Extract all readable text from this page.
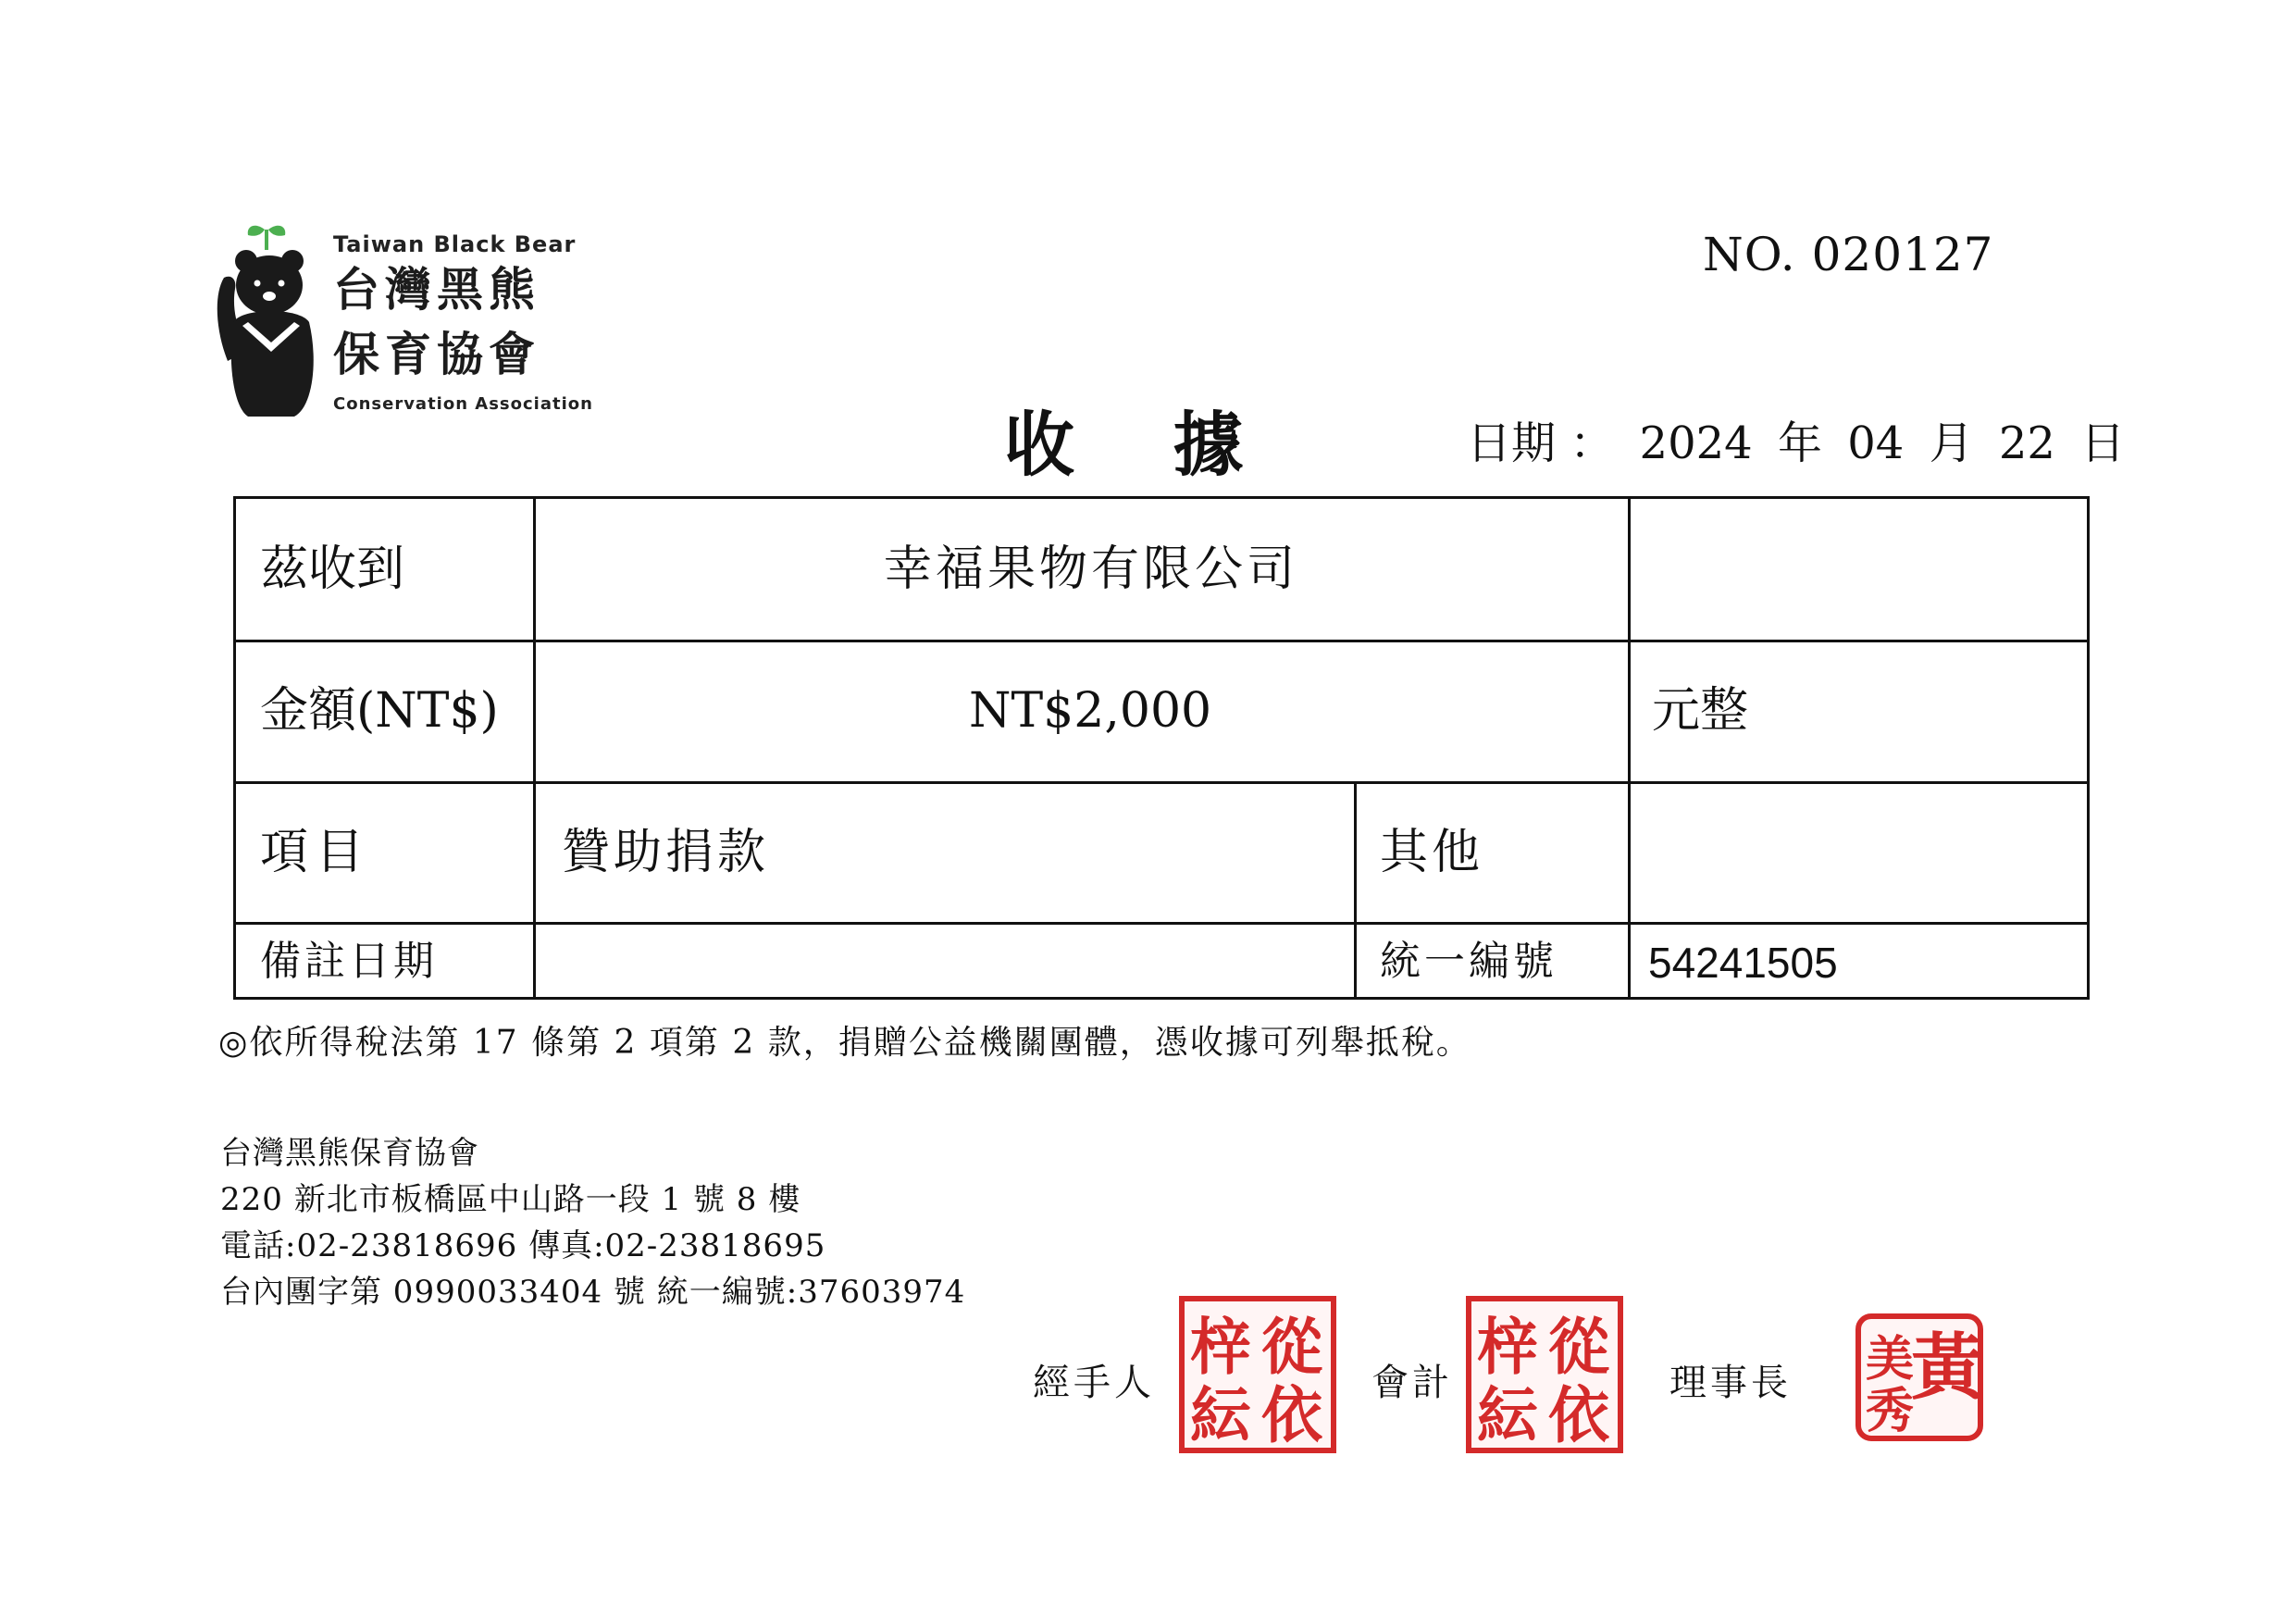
Taiwan Black Bear
台灣黑熊
保育協會
Conservation Association
NO. 020127
收 據	日期 ： 2024 年 04 月 22 日
茲收到	幸福果物有限公司
金額(NT$)	NT$2,000	元整
項目	贊助捐款	其他
備註日期	統一編號 54241505
◎依所得稅法第 17 條第 2 項第 2 款，捐贈公益機關團體，憑收據可列舉抵稅。
台灣黑熊保育協會
220 新北市板橋區中山路一段 1 號 8 樓
電話:02-23818696 傳真:02-23818695
台內團字第 0990033404 號 統一編號:37603974
經手人 梓 從
紜 依 會計 梓 從
紜 依 理事長 黃
美
秀
